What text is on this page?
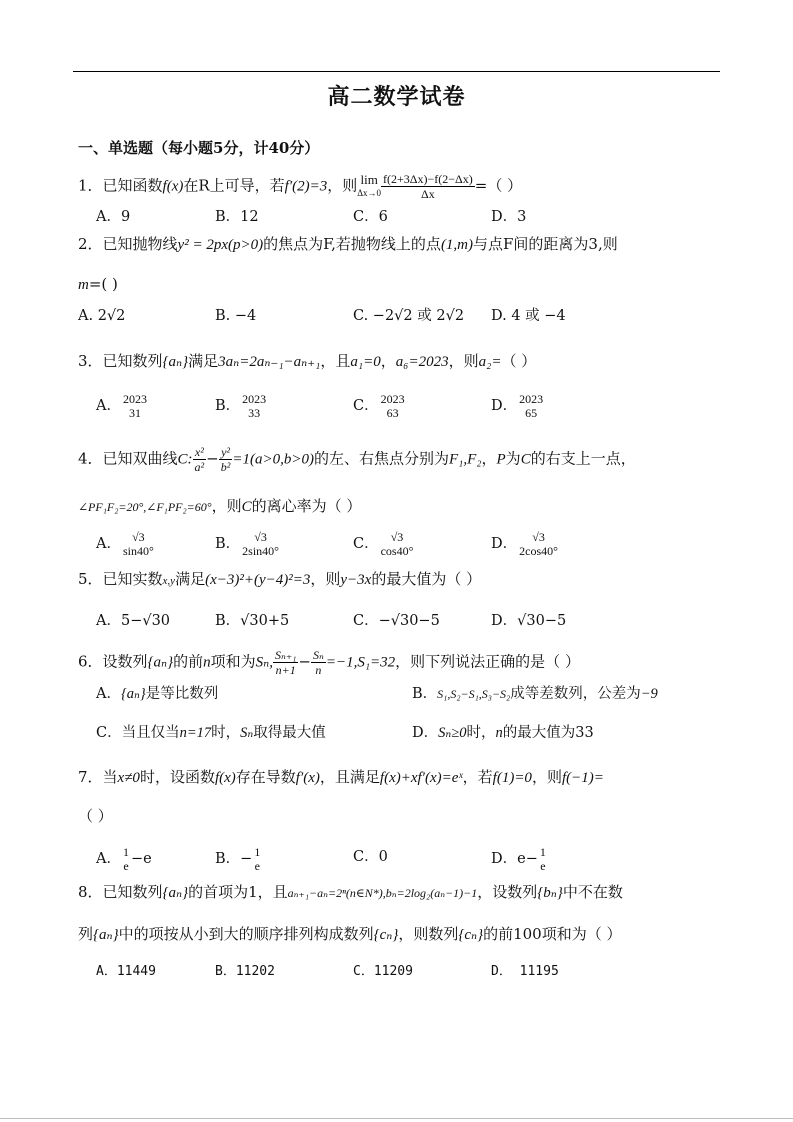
高二数学试卷
一、单选题（每小题5分，计40分）
1．已知函数f(x)在R上可导，若f′(2)=3，则 lim
$\Delta x\to 0 \frac{f(2+3\Delta x)-f(2-\Delta x)}{\Delta x}$ =（ ）
A．9	B．12	C．6	D．3
2．已知抛物线y² = 2px(p>0)的焦点为F,若抛物线上的点(1,m)与点F间的距离为3,则
m=( )
A. 2√2	B. −4	C. −2√2 或 2√2 D. 4 或 −4
3．已知数列{aₙ}满足3aₙ=2aₙ₋₁−aₙ₊₁，且a₁=0，a₆=2023，则a₂=（ ）
A． 2023
31	B． 2023
33	C． 2023
63	D． 2023
65
4．已知双曲线C: $\frac{\text{x²}}{\text{a²}} - \frac{\text{y²}}{\text{b²}} =1(a>0,b>0)$的左、右焦点分别为F₁,F₂，P为C的右支上一点，
∠PF₁F₂=20°,∠F₁PF₂=60°，则C的离心率为（ ）
A． √3
sin40°	B．	√3
2sin40°	C．	√3
cos40°	D．	√3
2cos40°
5．已知实数x,y满足(x−3)²+(y−4)²=3，则y−3x的最大值为（ ）
A．5−√30	B．√30+5	C．−√30−5	D．√30−5
6．设数列{aₙ}的前n项和为Sₙ, $\frac{\text{Sₙ₊₁}}{n+1} - \frac{\text{Sₙ}}{n} =-1,S_1=32$，则下列说法正确的是（ ）
A．{aₙ}是等比数列	B．S₁,S₂−S₁,S₃−S₂成等差数列，公差为−9
C．当且仅当n=17时，Sₙ取得最大值	D．Sₙ≥0时，n的最大值为33
7．当x≠0时，设函数f(x)存在导数f′(x)，且满足f(x)+xf′(x)=eˣ，若f(1)=0，则f(−1)=
（ ）
A． 1
e −e	B．− 1
e
C．0	D．e− 1
e
8．已知数列{aₙ}的首项为1，且aₙ₊₁−aₙ=2ⁿ(n∈N*),bₙ=2log₂(aₙ−1)−1，设数列{bₙ}中不在数
列{aₙ}中的项按从小到大的顺序排列构成数列{cₙ}，则数列{cₙ}的前100项和为（ ）
A．11449	B．11202	C．11209	D． 11195
